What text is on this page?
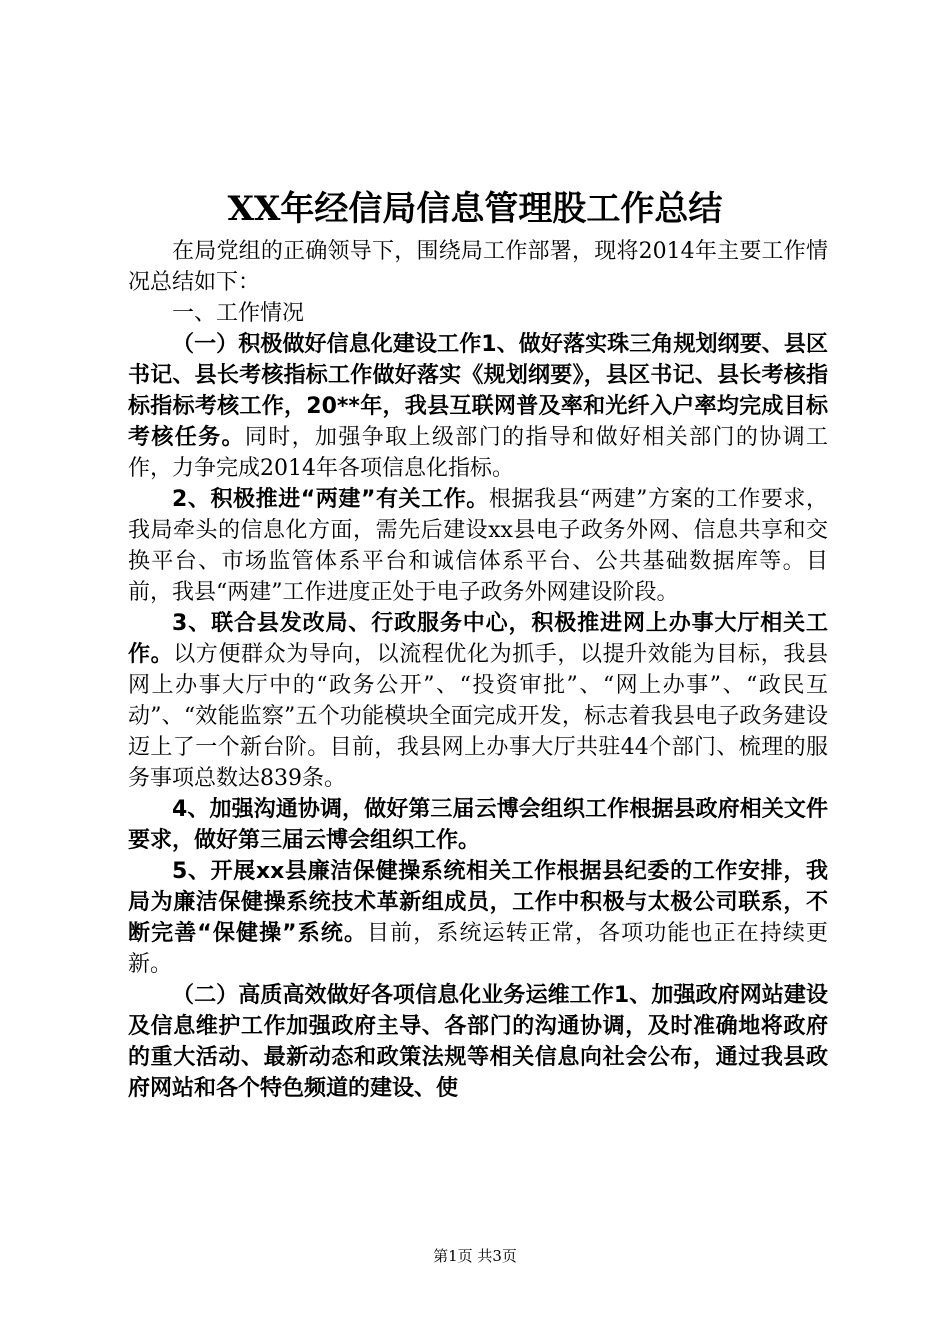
XX年经信局信息管理股工作总结

在局党组的正确领导下，围绕局工作部署，现将2014年主要工作情况总结如下：

一、工作情况

（一）积极做好信息化建设工作1、做好落实珠三角规划纲要、县区书记、县长考核指标工作做好落实《规划纲要》，县区书记、县长考核指标指标考核工作，20**年，我县互联网普及率和光纤入户率均完成目标考核任务。同时，加强争取上级部门的指导和做好相关部门的协调工作，力争完成2014年各项信息化指标。

2、积极推进“两建”有关工作。根据我县“两建”方案的工作要求，我局牵头的信息化方面，需先后建设xx县电子政务外网、信息共享和交换平台、市场监管体系平台和诚信体系平台、公共基础数据库等。目前，我县“两建”工作进度正处于电子政务外网建设阶段。

3、联合县发改局、行政服务中心，积极推进网上办事大厅相关工作。以方便群众为导向，以流程优化为抓手，以提升效能为目标，我县网上办事大厅中的“政务公开”、“投资审批”、“网上办事”、“政民互动”、“效能监察”五个功能模块全面完成开发，标志着我县电子政务建设迈上了一个新台阶。目前，我县网上办事大厅共驻44个部门、梳理的服务事项总数达839条。

4、加强沟通协调，做好第三届云博会组织工作根据县政府相关文件要求，做好第三届云博会组织工作。

5、开展xx县廉洁保健操系统相关工作根据县纪委的工作安排，我局为廉洁保健操系统技术革新组成员，工作中积极与太极公司联系，不断完善“保健操”系统。目前，系统运转正常，各项功能也正在持续更新。

（二）高质高效做好各项信息化业务运维工作1、加强政府网站建设及信息维护工作加强政府主导、各部门的沟通协调，及时准确地将政府的重大活动、最新动态和政策法规等相关信息向社会公布，通过我县政府网站和各个特色频道的建设、使

第1页 共3页
